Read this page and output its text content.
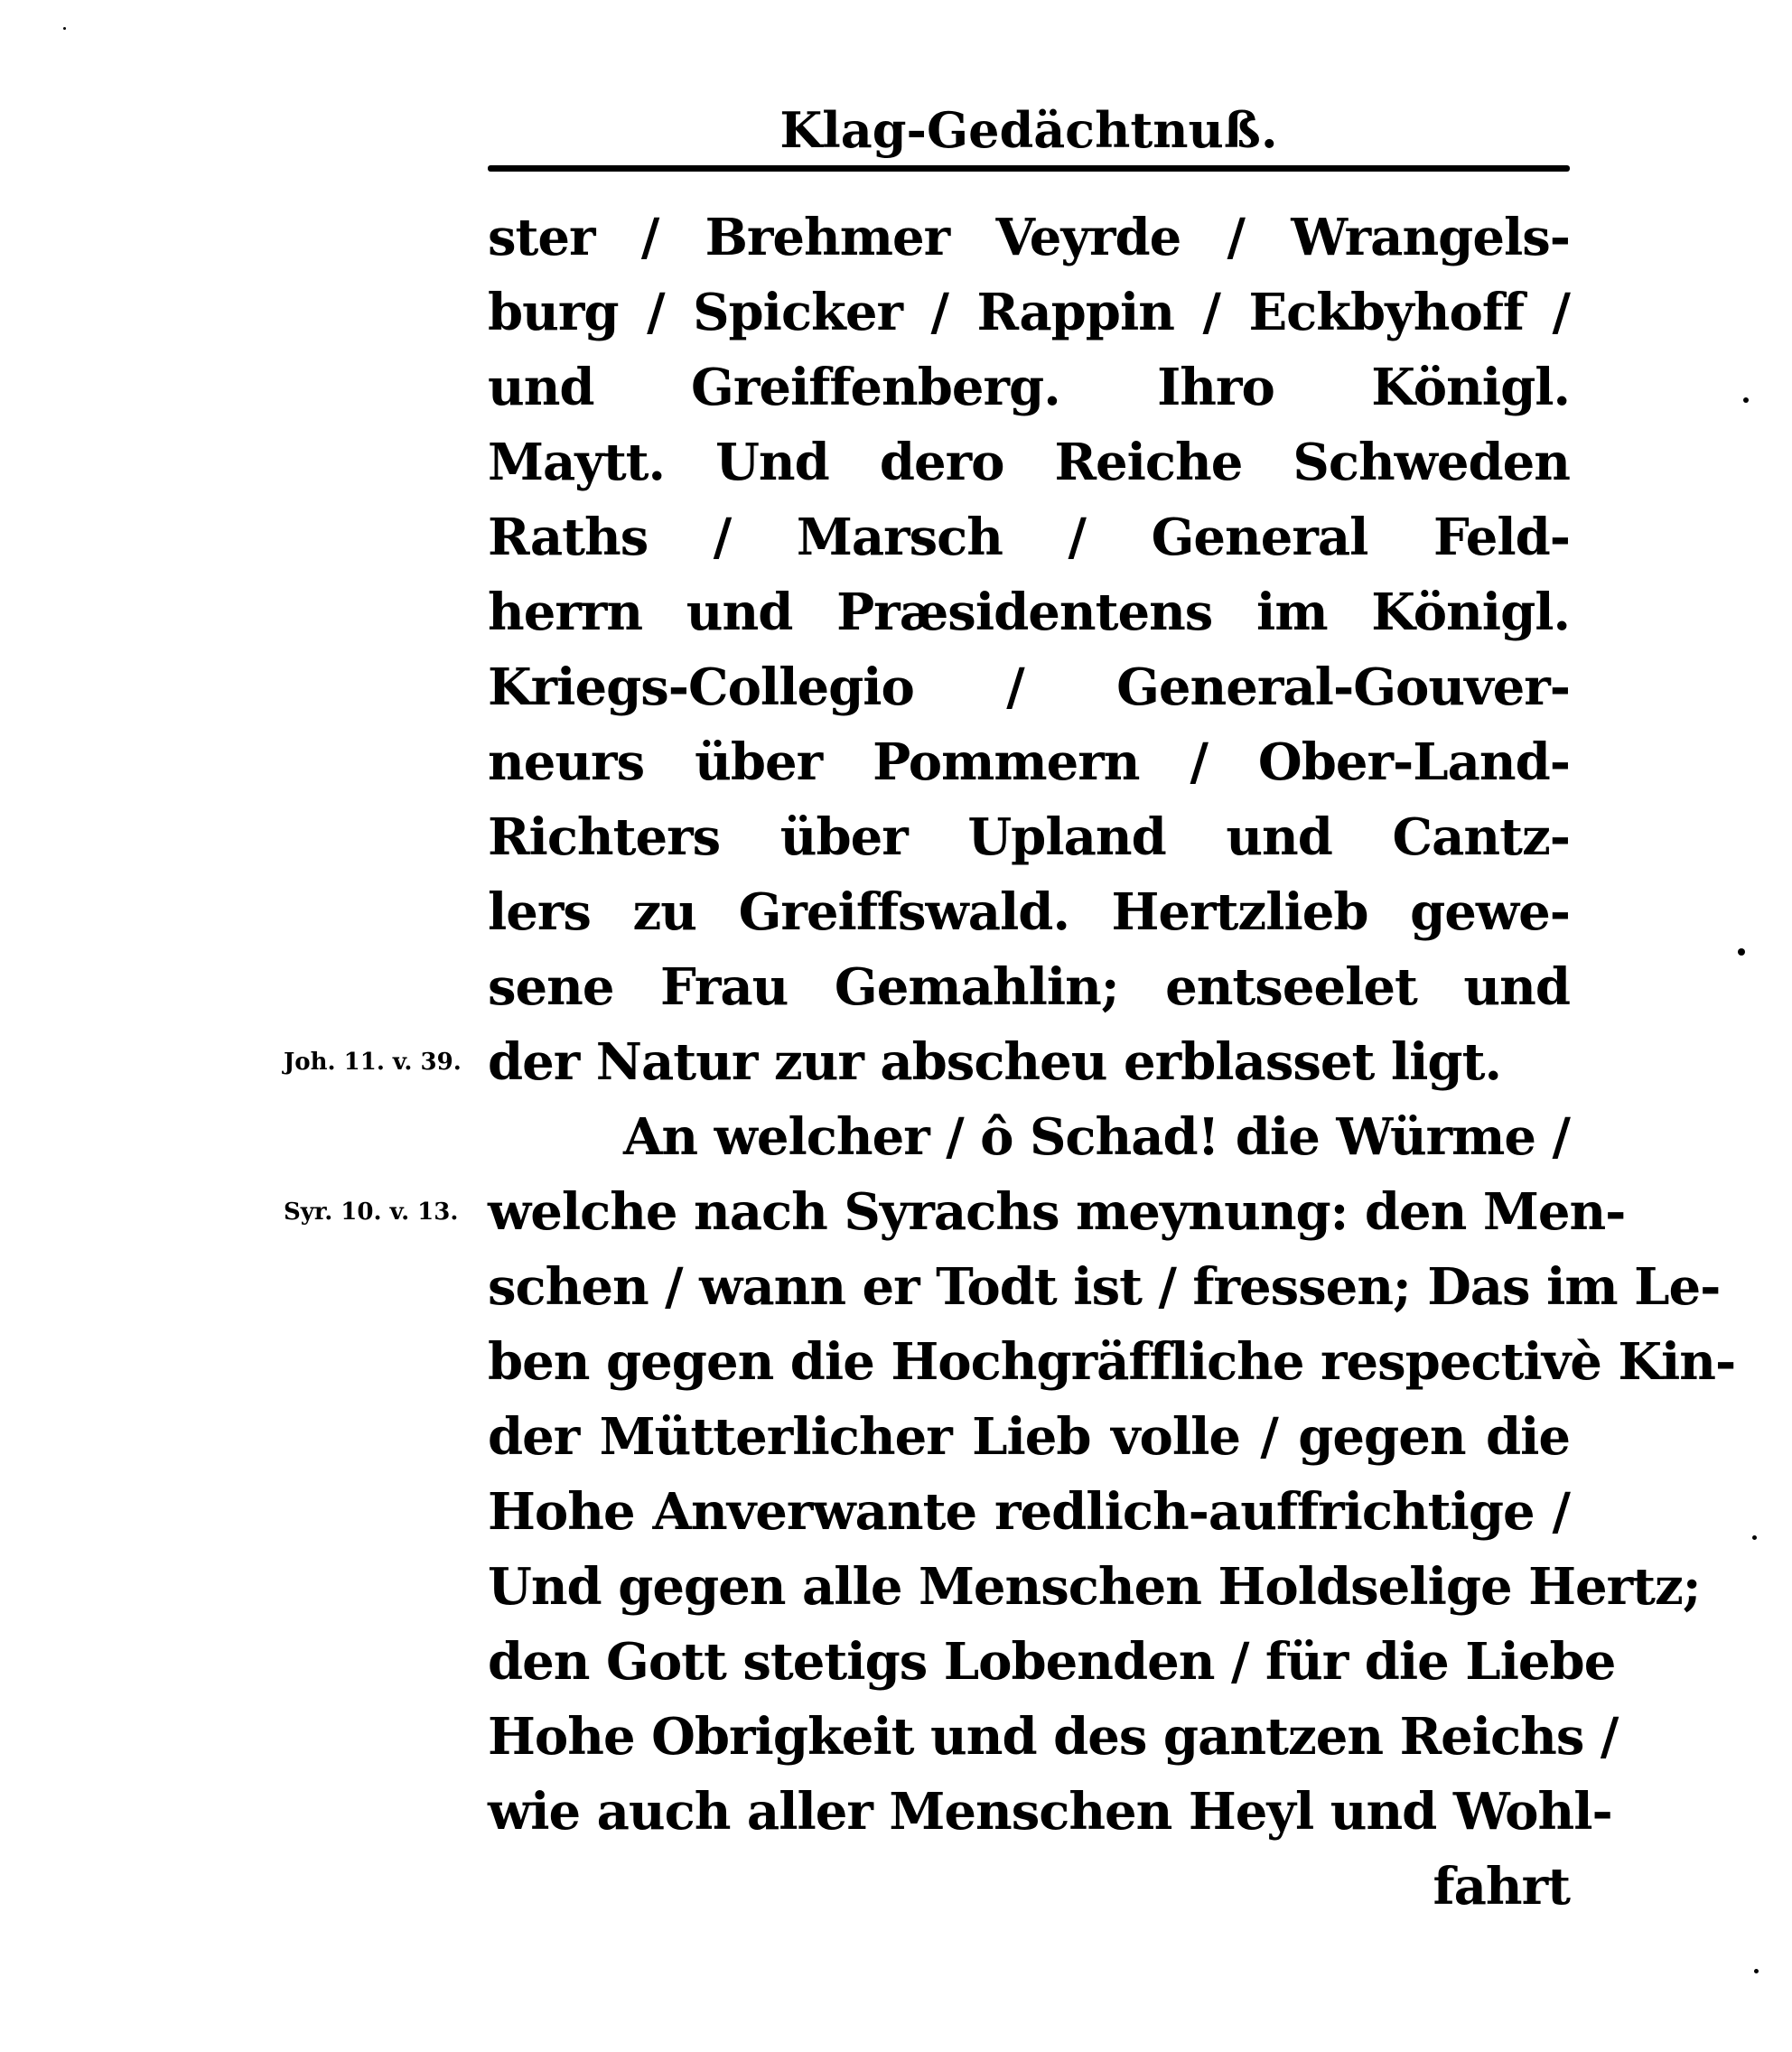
Klag-Gedächtnuß.
ster / Brehmer Veyrde / Wrangels-
burg / Spicker / Rappin / Eckbyhoff /
und Greiffenberg. Ihro Königl.
Maytt. Und dero Reiche Schweden
Raths / Marsch / General Feld-
herrn und Præsidentens im Königl.
Kriegs-Collegio / General-Gouver-
neurs über Pommern / Ober-Land-
Richters über Upland und Cantz-
lers zu Greiffswald. Hertzlieb gewe-
sene Frau Gemahlin; entseelet und
der Natur zur abscheu erblasset ligt.
Joh. 11. v. 39.
An welcher / ô Schad! die Würme /
welche nach Syrachs meynung: den Men-
Syr. 10. v. 13.
schen / wann er Todt ist / fressen; Das im Le-
ben gegen die Hochgräffliche respectivè Kin-
der Mütterlicher Lieb volle / gegen die
Hohe Anverwante redlich-auffrichtige /
Und gegen alle Menschen Holdselige Hertz;
den Gott stetigs Lobenden / für die Liebe
Hohe Obrigkeit und des gantzen Reichs /
wie auch aller Menschen Heyl und Wohl-
fahrt
